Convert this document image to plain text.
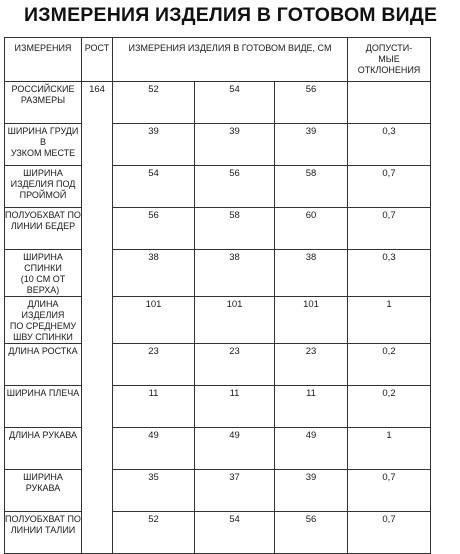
ИЗМЕРЕНИЯ ИЗДЕЛИЯ В ГОТОВОМ ВИДЕ
ИЗМЕРЕНИЯ	РОСТ	ИЗМЕРЕНИЯ ИЗДЕЛИЯ В ГОТОВОМ ВИДЕ, СМ			ДОПУСТИ-
МЫЕ
ОТКЛОНЕНИЯ
РОССИЙСКИЕ
РАЗМЕРЫ	164	52	54	56	
ШИРИНА ГРУДИ В
УЗКОМ МЕСТЕ		39	39	39	0,3
ШИРИНА
ИЗДЕЛИЯ ПОД
ПРОЙМОЙ		54	56	58	0,7
ПОЛУОБХВАТ ПО
ЛИНИИ БЕДЕР		56	58	60	0,7
ШИРИНА СПИНКИ
(10 СМ ОТ ВЕРХА)		38	38	38	0,3
ДЛИНА ИЗДЕЛИЯ
ПО СРЕДНЕМУ
ШВУ СПИНКИ		101	101	101	1
ДЛИНА РОСТКА		23	23	23	0,2
ШИРИНА ПЛЕЧА		11	11	11	0,2
ДЛИНА РУКАВА		49	49	49	1
ШИРИНА РУКАВА		35	37	39	0,7
ПОЛУОБХВАТ ПО
ЛИНИИ ТАЛИИ		52	54	56	0,7
